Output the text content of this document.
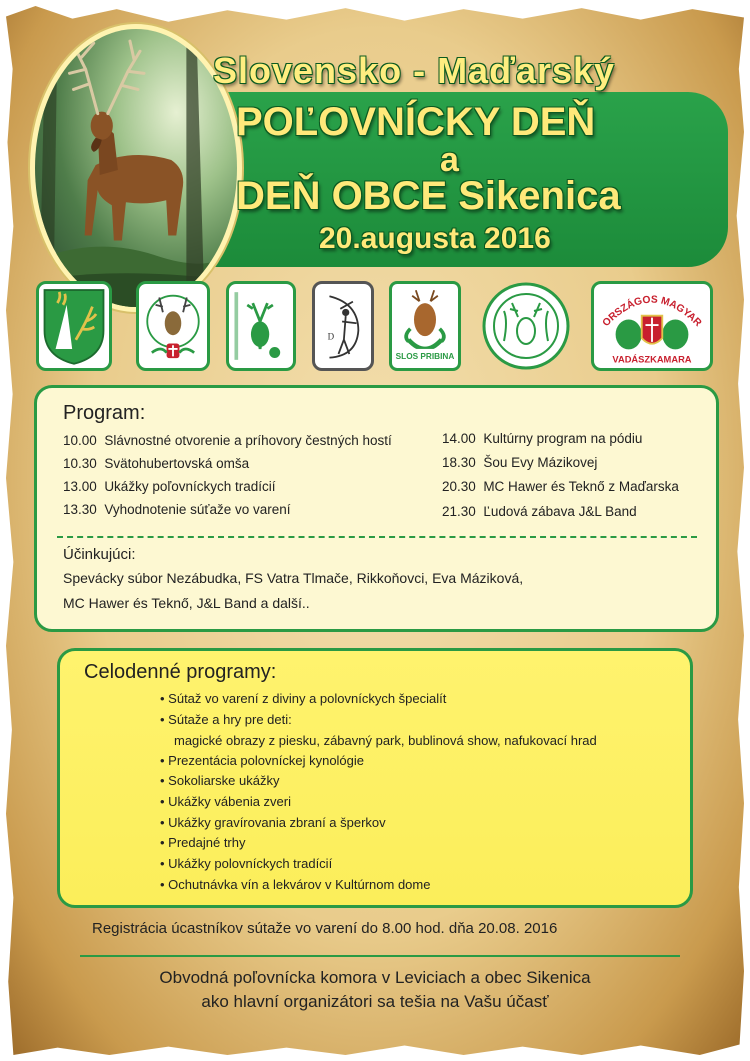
Slovensko - Maďarský
POĽOVNÍCKY DEŇ
a
DEŇ OBCE Sikenica
20.augusta 2016
D
SLOS PRIBINA
ORSZÁGOS MAGYAR
VADÁSZKAMARA
Program:
10.00 Slávnostné otvorenie a príhovory čestných hostí
10.30 Svätohubertovská omša
13.00 Ukážky poľovníckych tradícií
13.30 Vyhodnotenie súťaže vo varení
14.00 Kultúrny program na pódiu
18.30 Šou Evy Mázikovej
20.30 MC Hawer és Teknő z Maďarska
21.30 Ľudová zábava J&L Band
Účinkujúci:
Spevácky súbor Nezábudka, FS Vatra Tlmače, Rikkoňovci, Eva Máziková,
MC Hawer és Teknő, J&L Band a další..
Celodenné programy:
• Sútaž vo varení z diviny a polovníckych špecialít
• Sútaže a hry pre deti:
magické obrazy z piesku, zábavný park, bublinová show, nafukovací hrad
• Prezentácia polovníckej kynológie
• Sokoliarske ukážky
• Ukážky vábenia zveri
• Ukážky gravírovania zbraní a šperkov
• Predajné trhy
• Ukážky polovníckych tradícií
• Ochutnávka vín a lekvárov v Kultúrnom dome
Registrácia úcastníkov sútaže vo varení do 8.00 hod. dňa 20.08. 2016
Obvodná poľovnícka komora v Leviciach a obec Sikenica
ako hlavní organizátori sa tešia na Vašu účasť
